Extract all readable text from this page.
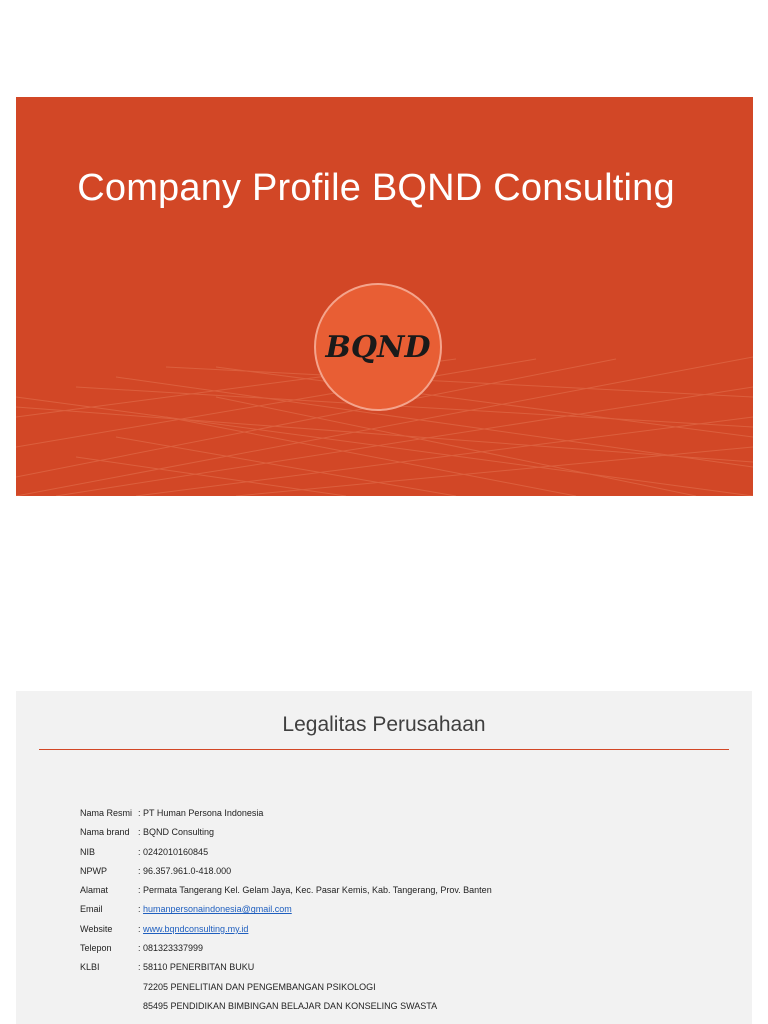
Company Profile BQND Consulting
BQND
Legalitas Perusahaan
Nama Resmi : PT Human Persona Indonesia
Nama brand : BQND Consulting
NIB	: 0242010160845
NPWP	: 96.357.961.0-418.000
Alamat	: Permata Tangerang Kel. Gelam Jaya, Kec. Pasar Kemis, Kab. Tangerang, Prov. Banten
Email	: humanpersonaindonesia@gmail.com
Website	: www.bqndconsulting.my.id
Telepon	: 081323337999
KLBI	: 58110 PENERBITAN BUKU
72205 PENELITIAN DAN PENGEMBANGAN PSIKOLOGI
85495 PENDIDIKAN BIMBINGAN BELAJAR DAN KONSELING SWASTA
